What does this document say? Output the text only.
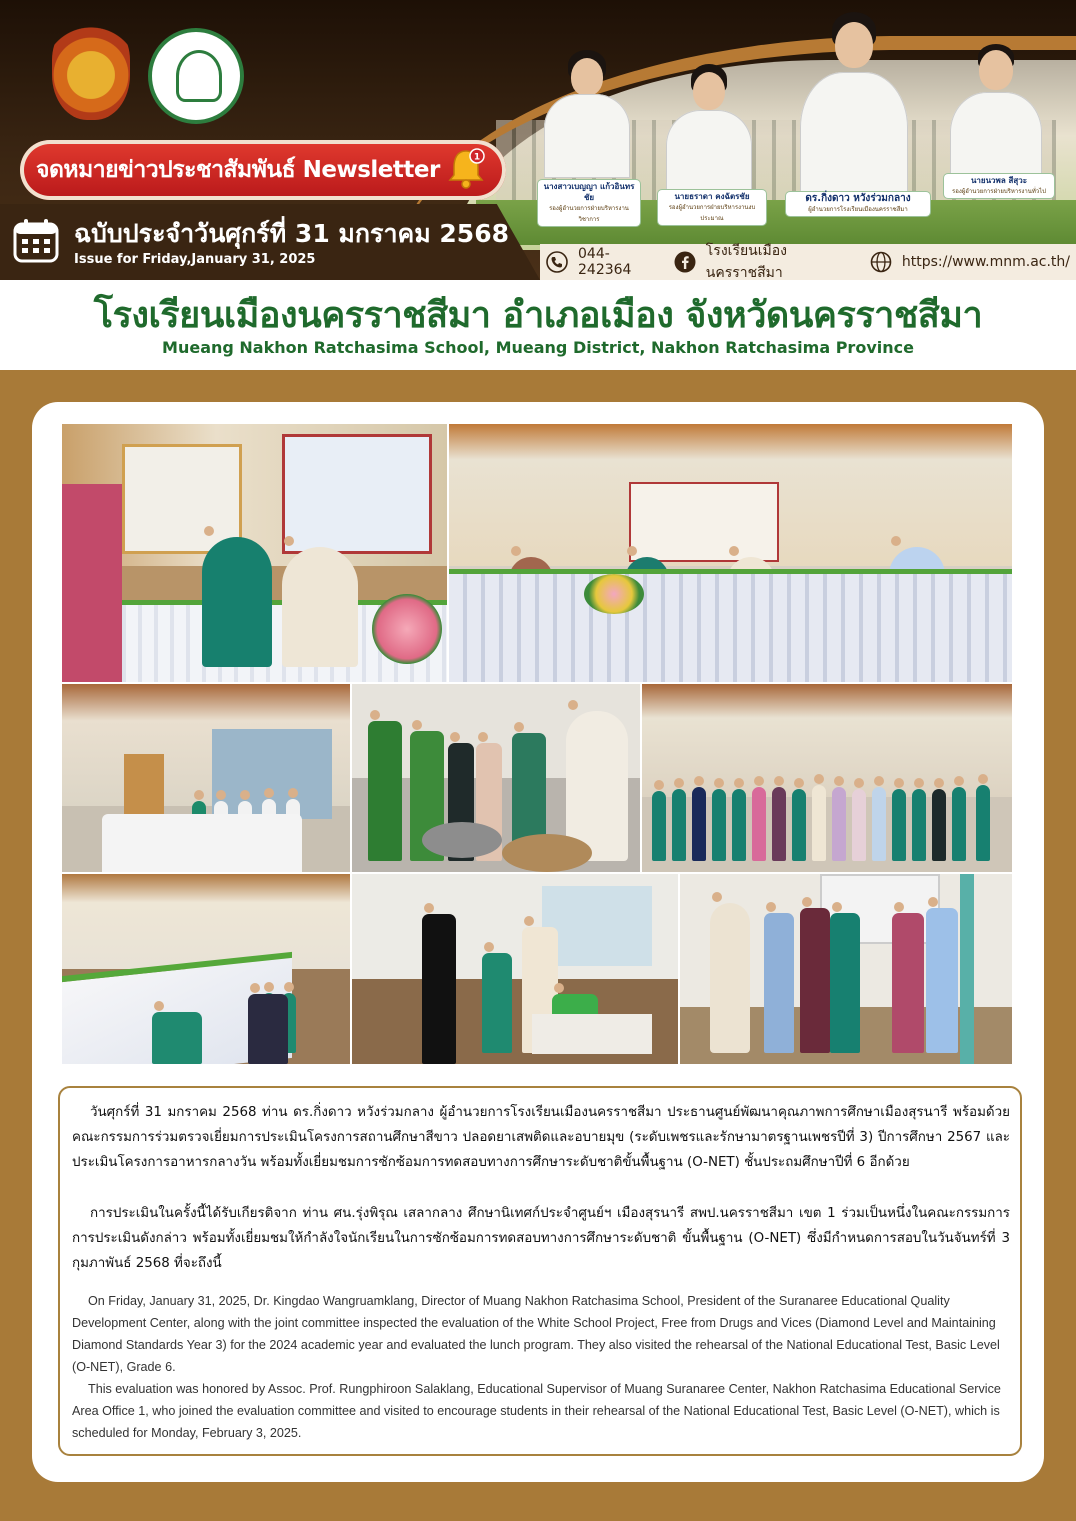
นางสาวเบญญา แก้วอินทรชัย
รองผู้อำนวยการฝ่ายบริหารงานวิชาการ
นายธราดา คงฉัตรชัย
รองผู้อำนวยการฝ่ายบริหารงานงบประมาณ
ดร.กิ่งดาว หวังร่วมกลาง
ผู้อำนวยการโรงเรียนเมืองนครราชสีมา
นายนวพล สีสุวะ
รองผู้อำนวยการฝ่ายบริหารงานทั่วไป
จดหมายข่าวประชาสัมพันธ์ Newsletter	1
ฉบับประจำวันศุกร์ที่ 31 มกราคม 2568
Issue for Friday,January 31, 2025	044-242364
โรงเรียนเมืองนครราชสีมา
https://www.mnm.ac.th/
โรงเรียนเมืองนครราชสีมา อำเภอเมือง จังหวัดนครราชสีมา
Mueang Nakhon Ratchasima School, Mueang District, Nakhon Ratchasima Province

วันศุกร์ที่ 31 มกราคม 2568 ท่าน ดร.กิ่งดาว หวังร่วมกลาง ผู้อำนวยการโรงเรียนเมืองนครราชสีมา ประธานศูนย์พัฒนาคุณภาพการศึกษาเมืองสุรนารี พร้อมด้วยคณะกรรมการร่วมตรวจเยี่ยมการประเมินโครงการสถานศึกษาสีขาว ปลอดยาเสพติดและอบายมุข (ระดับเพชรและรักษามาตรฐานเพชรปีที่ 3) ปีการศึกษา 2567 และประเมินโครงการอาหารกลางวัน พร้อมทั้งเยี่ยมชมการซักซ้อมการทดสอบทางการศึกษาระดับชาติขั้นพื้นฐาน (O-NET) ชั้นประถมศึกษาปีที่ 6 อีกด้วย

การประเมินในครั้งนี้ได้รับเกียรติจาก ท่าน ศน.รุ่งพิรุณ เสลากลาง ศึกษานิเทศก์ประจำศูนย์ฯ เมืองสุรนารี สพป.นครราชสีมา เขต 1 ร่วมเป็นหนึ่งในคณะกรรมการการประเมินดังกล่าว พร้อมทั้งเยี่ยมชมให้กำลังใจนักเรียนในการซักซ้อมการทดสอบทางการศึกษาระดับชาติ ขั้นพื้นฐาน (O-NET) ซึ่งมีกำหนดการสอบในวันจันทร์ที่ 3 กุมภาพันธ์ 2568 ที่จะถึงนี้

On Friday, January 31, 2025, Dr. Kingdao Wangruamklang, Director of Muang Nakhon Ratchasima School, President of the Suranaree Educational Quality Development Center, along with the joint committee inspected the evaluation of the White School Project, Free from Drugs and Vices (Diamond Level and Maintaining Diamond Standards Year 3) for the 2024 academic year and evaluated the lunch program. They also visited the rehearsal of the National Educational Test, Basic Level (O-NET), Grade 6.

This evaluation was honored by Assoc. Prof. Rungphiroon Salaklang, Educational Supervisor of Muang Suranaree Center, Nakhon Ratchasima Educational Service Area Office 1, who joined the evaluation committee and visited to encourage students in their rehearsal of the National Educational Test, Basic Level (O-NET), which is scheduled for Monday, February 3, 2025.
